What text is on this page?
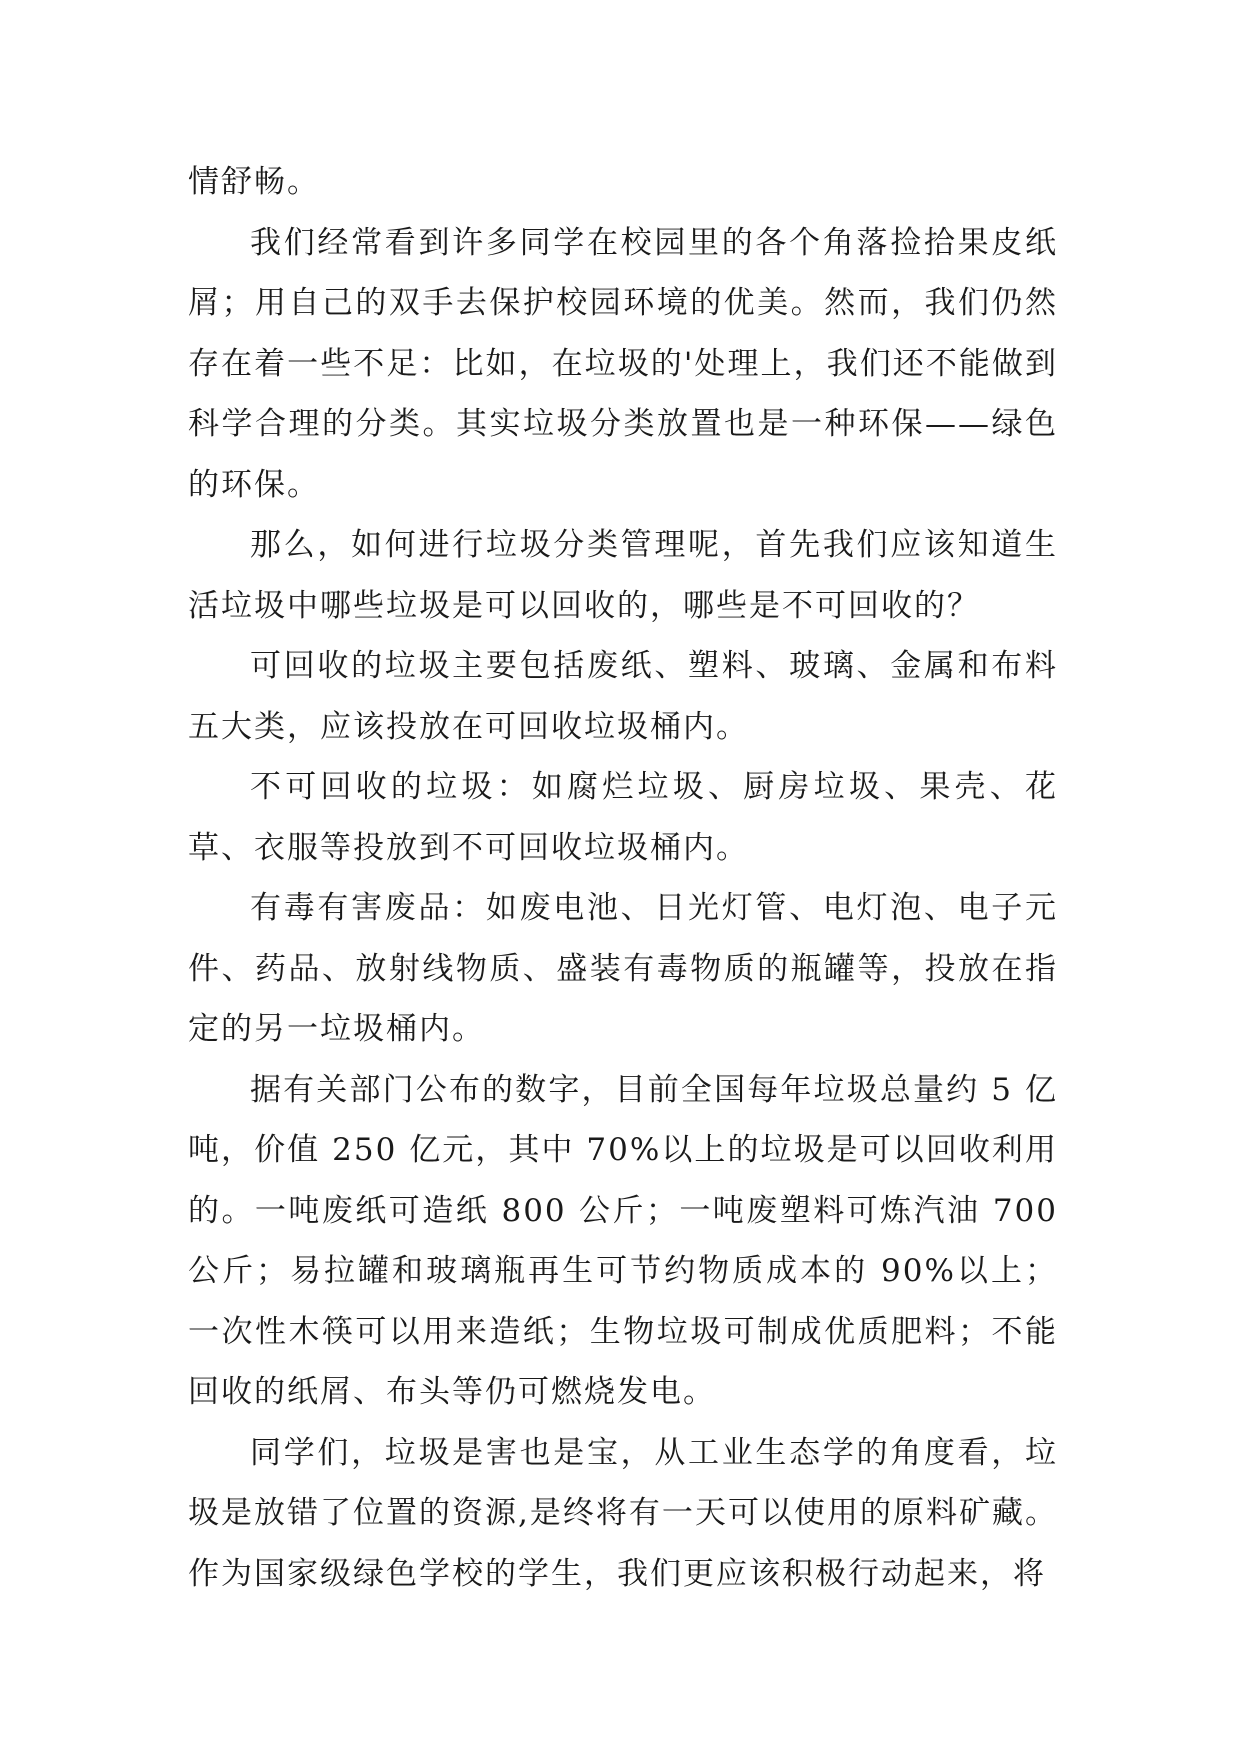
情舒畅。

我们经常看到许多同学在校园里的各个角落捡拾果皮纸屑；用自己的双手去保护校园环境的优美。然而，我们仍然存在着一些不足：比如，在垃圾的'处理上，我们还不能做到科学合理的分类。其实垃圾分类放置也是一种环保——绿色的环保。

那么，如何进行垃圾分类管理呢，首先我们应该知道生活垃圾中哪些垃圾是可以回收的，哪些是不可回收的？

可回收的垃圾主要包括废纸、塑料、玻璃、金属和布料五大类，应该投放在可回收垃圾桶内。

不可回收的垃圾：如腐烂垃圾、厨房垃圾、果壳、花草、衣服等投放到不可回收垃圾桶内。

有毒有害废品：如废电池、日光灯管、电灯泡、电子元件、药品、放射线物质、盛装有毒物质的瓶罐等，投放在指定的另一垃圾桶内。

据有关部门公布的数字，目前全国每年垃圾总量约 5 亿吨，价值 250 亿元，其中 70%以上的垃圾是可以回收利用的。一吨废纸可造纸 800 公斤；一吨废塑料可炼汽油 700 公斤；易拉罐和玻璃瓶再生可节约物质成本的 90%以上；一次性木筷可以用来造纸；生物垃圾可制成优质肥料；不能回收的纸屑、布头等仍可燃烧发电。

同学们，垃圾是害也是宝，从工业生态学的角度看，垃圾是放错了位置的资源,是终将有一天可以使用的原料矿藏。作为国家级绿色学校的学生，我们更应该积极行动起来，将
